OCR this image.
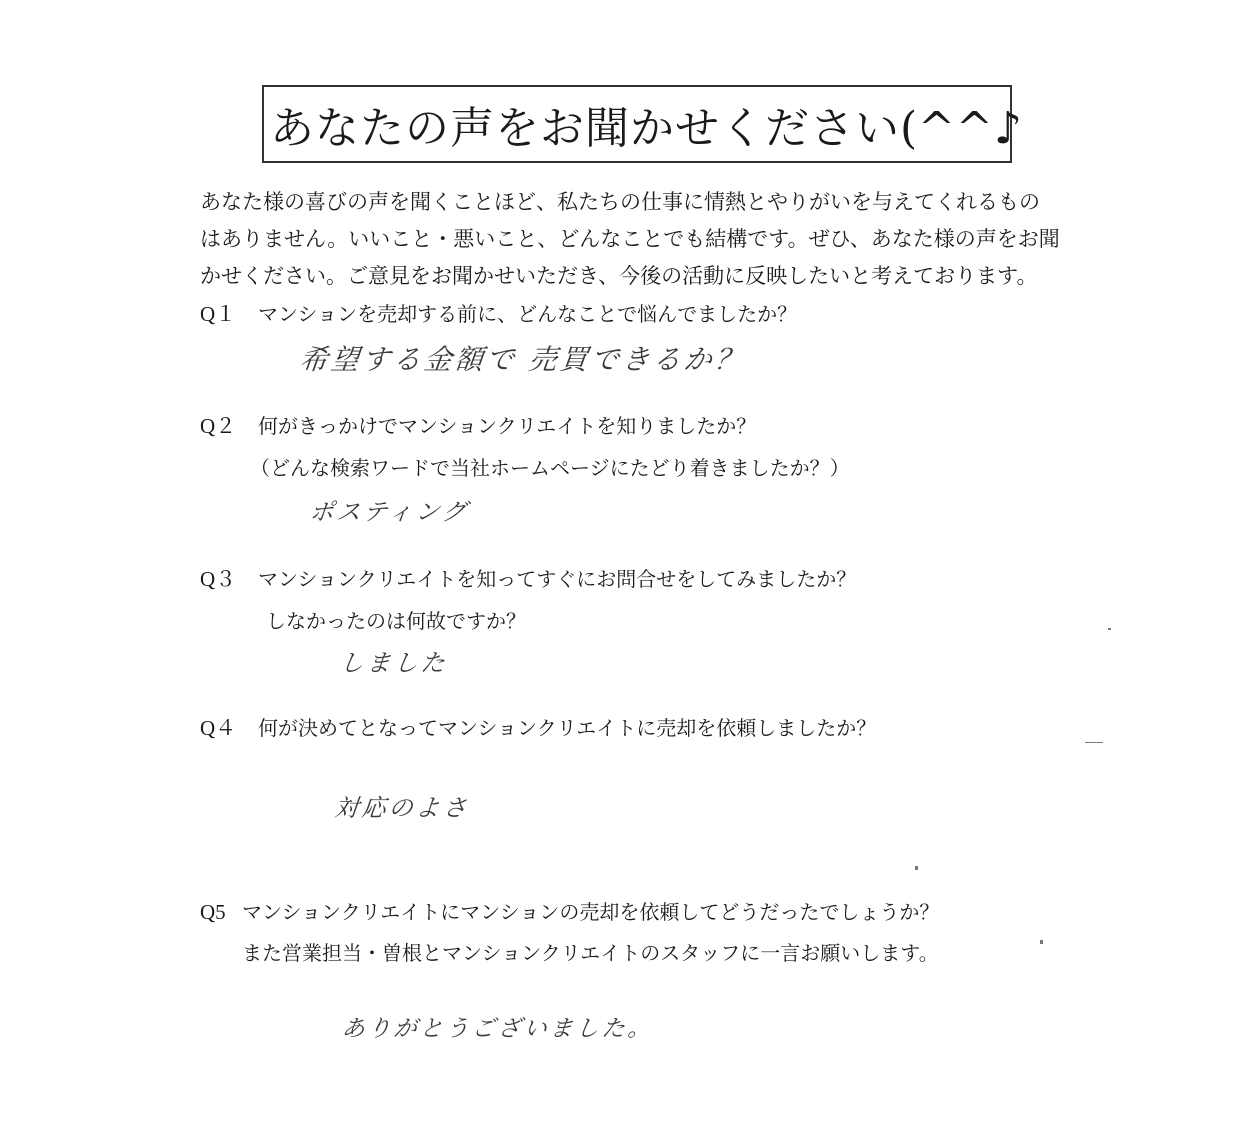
あなたの声をお聞かせください(^^♪
あなた様の喜びの声を聞くことほど、私たちの仕事に情熱とやりがいを与えてくれるもの
はありません。いいこと・悪いこと、どんなことでも結構です。ぜひ、あなた様の声をお聞
かせください。ご意見をお聞かせいただき、今後の活動に反映したいと考えております。
Q１ マンションを売却する前に、どんなことで悩んでましたか？
希望する金額で 売買できるか？
Q２ 何がきっかけでマンションクリエイトを知りましたか？
（どんな検索ワードで当社ホームページにたどり着きましたか？）
ポスティング
Q３ マンションクリエイトを知ってすぐにお問合せをしてみましたか？
しなかったのは何故ですか？
しました
Q４ 何が決めてとなってマンションクリエイトに売却を依頼しましたか？
対応のよさ
Q5 マンションクリエイトにマンションの売却を依頼してどうだったでしょうか？
また営業担当・曽根とマンションクリエイトのスタッフに一言お願いします。
ありがとうございました。
